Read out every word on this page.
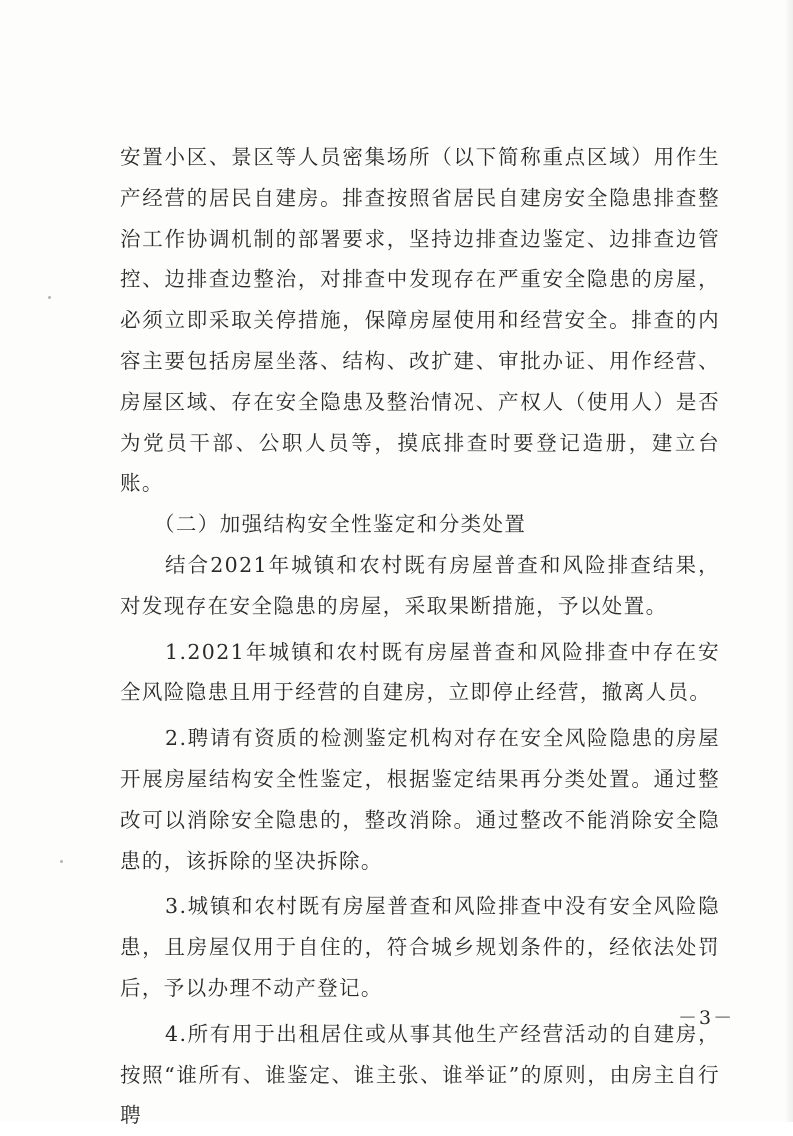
安置小区、景区等人员密集场所（以下简称重点区域）用作生产经营的居民自建房。排查按照省居民自建房安全隐患排查整治工作协调机制的部署要求，坚持边排查边鉴定、边排查边管控、边排查边整治，对排查中发现存在严重安全隐患的房屋，必须立即采取关停措施，保障房屋使用和经营安全。排查的内容主要包括房屋坐落、结构、改扩建、审批办证、用作经营、房屋区域、存在安全隐患及整治情况、产权人（使用人）是否为党员干部、公职人员等，摸底排查时要登记造册，建立台账。

（二）加强结构安全性鉴定和分类处置

结合2021年城镇和农村既有房屋普查和风险排查结果，对发现存在安全隐患的房屋，采取果断措施，予以处置。

1.2021年城镇和农村既有房屋普查和风险排查中存在安全风险隐患且用于经营的自建房，立即停止经营，撤离人员。

2.聘请有资质的检测鉴定机构对存在安全风险隐患的房屋开展房屋结构安全性鉴定，根据鉴定结果再分类处置。通过整改可以消除安全隐患的，整改消除。通过整改不能消除安全隐患的，该拆除的坚决拆除。

3.城镇和农村既有房屋普查和风险排查中没有安全风险隐患，且房屋仅用于自住的，符合城乡规划条件的，经依法处罚后，予以办理不动产登记。

4.所有用于出租居住或从事其他生产经营活动的自建房，按照“谁所有、谁鉴定、谁主张、谁举证”的原则，由房主自行聘

－3－
